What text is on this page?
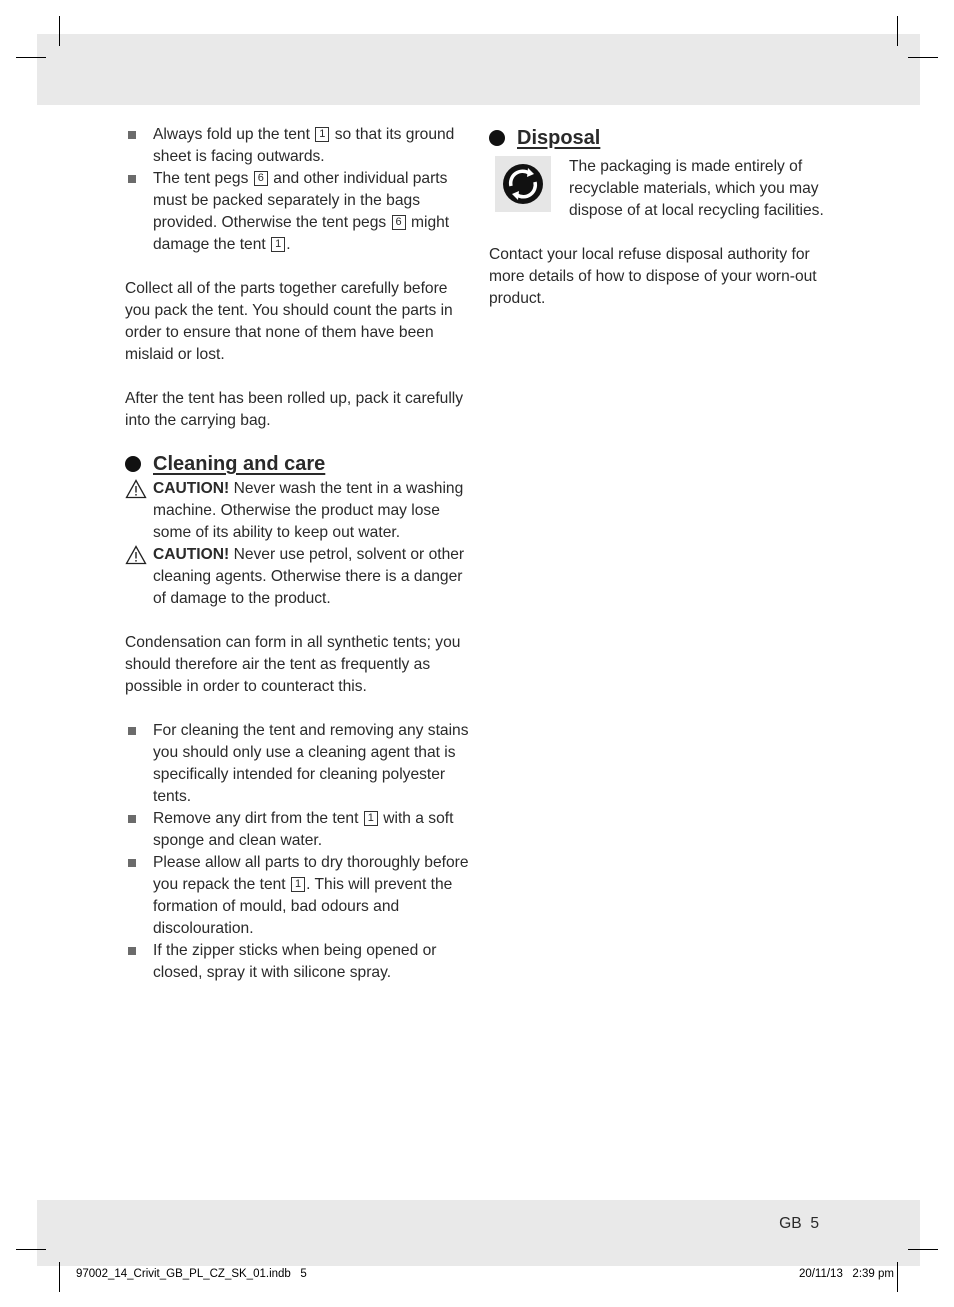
Always fold up the tent 1 so that its ground sheet is facing outwards.
The tent pegs 6 and other individual parts must be packed separately in the bags provided. Otherwise the tent pegs 6 might damage the tent 1 .

Collect all of the parts together carefully before you pack the tent. You should count the parts in order to ensure that none of them have been mislaid or lost.

After the tent has been rolled up, pack it carefully into the carrying bag.

Cleaning and care
CAUTION! Never wash the tent in a washing machine. Otherwise the product may lose some of its ability to keep out water.
CAUTION! Never use petrol, solvent or other cleaning agents. Otherwise there is a danger of damage to the product.

Condensation can form in all synthetic tents; you should therefore air the tent as frequently as possible in order to counteract this.

For cleaning the tent and removing any stains you should only use a cleaning agent that is specifically intended for cleaning polyester tents.
Remove any dirt from the tent 1 with a soft sponge and clean water.
Please allow all parts to dry thoroughly before you repack the tent 1 . This will prevent the formation of mould, bad odours and discolouration.
If the zipper sticks when being opened or closed, spray it with silicone spray.
Disposal

The packaging is made entirely of recyclable materials, which you may dispose of at local recycling facilities.

Contact your local refuse disposal authority for more details of how to dispose of your worn-out product.

GB  5
97002_14_Crivit_GB_PL_CZ_SK_01.indb   5	20/11/13   2:39 pm
